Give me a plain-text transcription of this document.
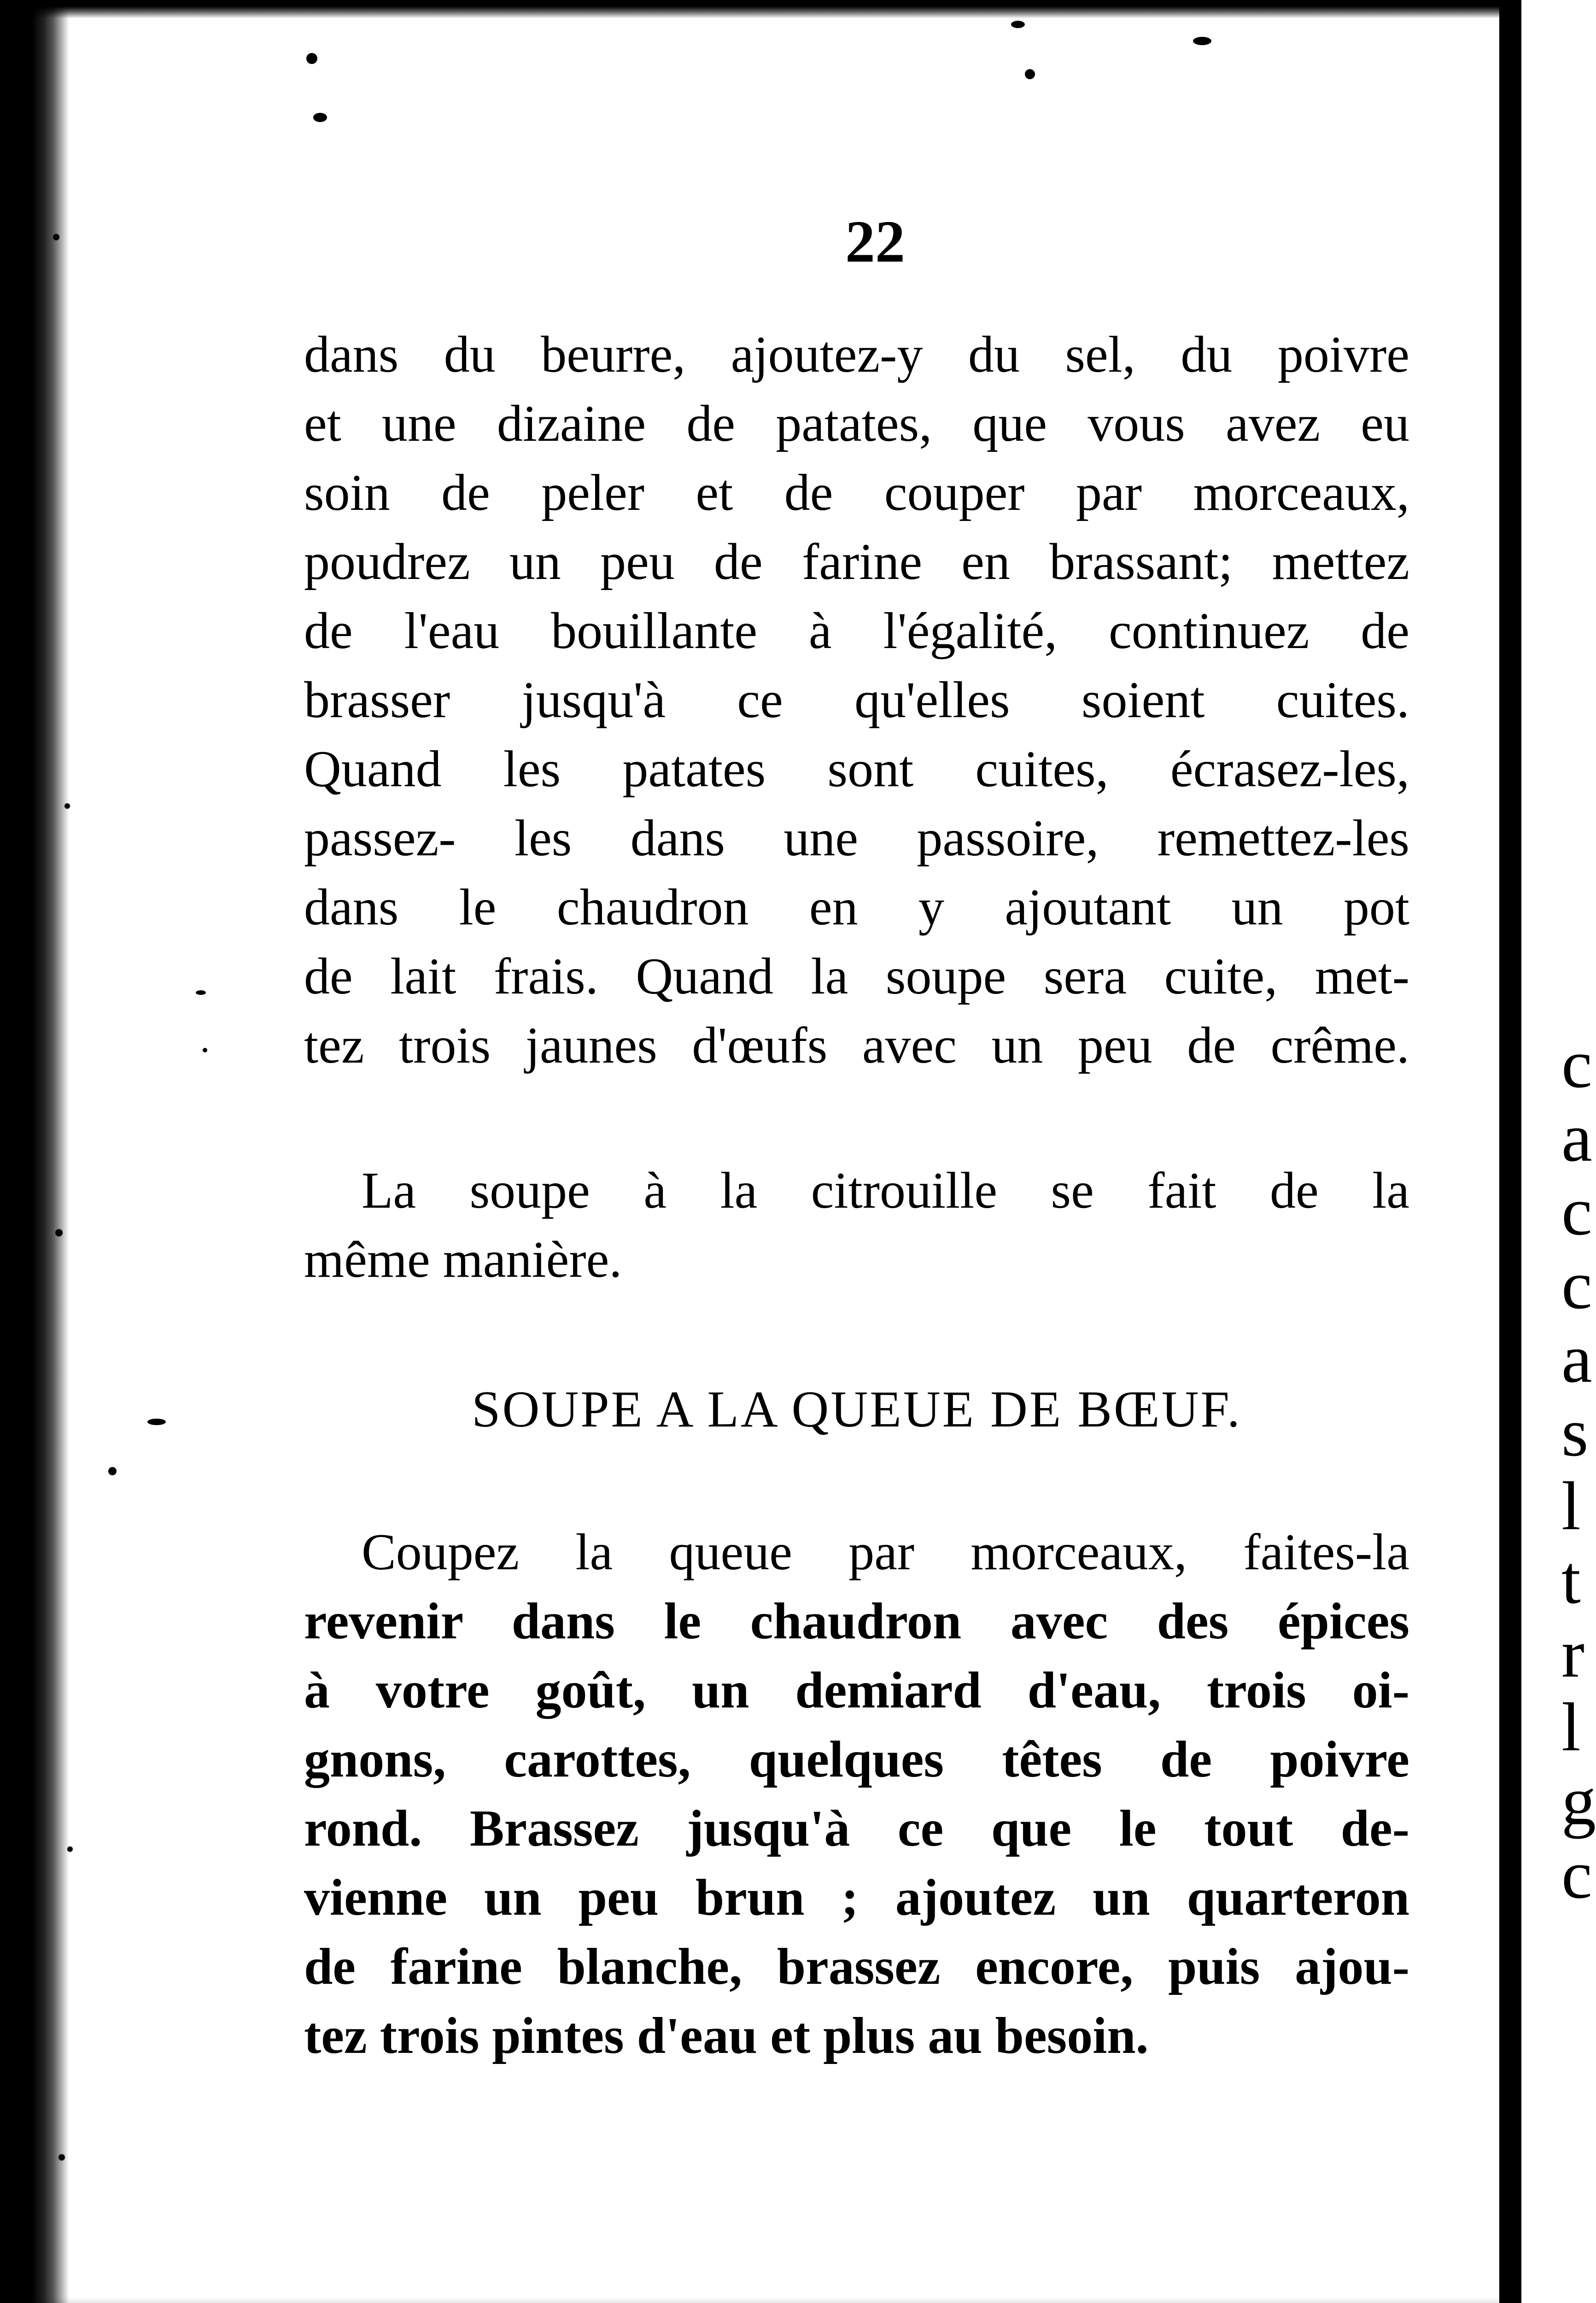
c
a
c
c
a
s
l
t
r
l
g
c
22
dans du beurre, ajoutez-y du sel, du poivre
et une dizaine de patates, que vous avez eu
soin de peler et de couper par morceaux,
poudrez un peu de farine en brassant; mettez
de l'eau bouillante à l'égalité, continuez de
brasser jusqu'à ce qu'elles soient cuites.
Quand les patates sont cuites, écrasez-les,
passez- les dans une passoire, remettez-les
dans le chaudron en y ajoutant un pot
de lait frais. Quand la soupe sera cuite, met-
tez trois jaunes d'œufs avec un peu de crême.
La soupe à la citrouille se fait de la
même manière.
SOUPE A LA QUEUE DE BŒUF.
Coupez la queue par morceaux, faites-la
revenir dans le chaudron avec des épices
à votre goût, un demiard d'eau, trois oi-
gnons, carottes, quelques têtes de poivre
rond. Brassez jusqu'à ce que le tout de-
vienne un peu brun ; ajoutez un quarteron
de farine blanche, brassez encore, puis ajou-
tez trois pintes d'eau et plus au besoin.
